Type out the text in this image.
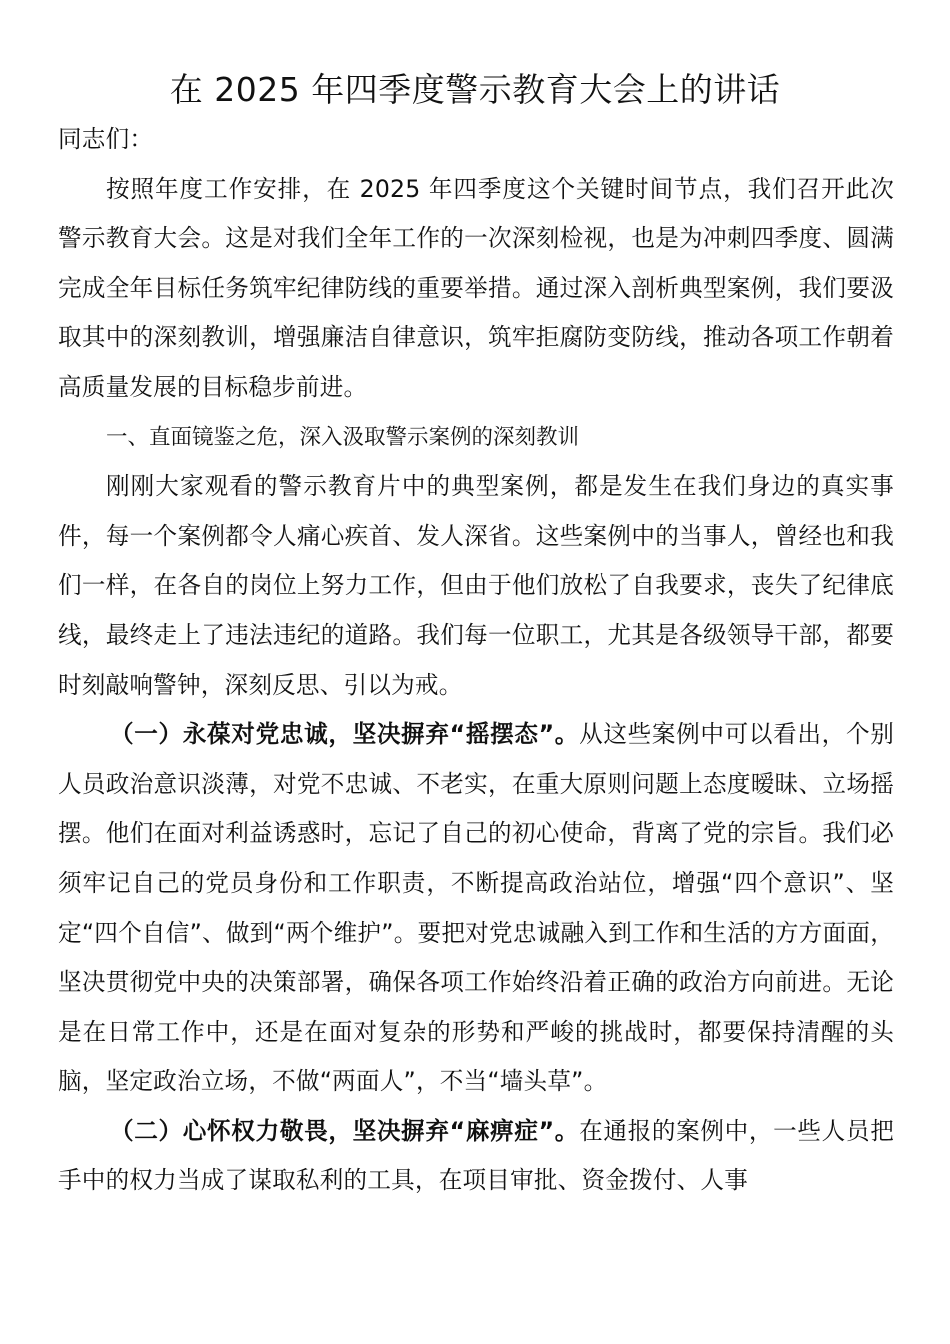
在 2025 年四季度警示教育大会上的讲话

同志们：

按照年度工作安排，在 2025 年四季度这个关键时间节点，我们召开此次警示教育大会。这是对我们全年工作的一次深刻检视，也是为冲刺四季度、圆满完成全年目标任务筑牢纪律防线的重要举措。通过深入剖析典型案例，我们要汲取其中的深刻教训，增强廉洁自律意识，筑牢拒腐防变防线，推动各项工作朝着高质量发展的目标稳步前进。

一、直面镜鉴之危，深入汲取警示案例的深刻教训

刚刚大家观看的警示教育片中的典型案例，都是发生在我们身边的真实事件，每一个案例都令人痛心疾首、发人深省。这些案例中的当事人，曾经也和我们一样，在各自的岗位上努力工作，但由于他们放松了自我要求，丧失了纪律底线，最终走上了违法违纪的道路。我们每一位职工，尤其是各级领导干部，都要时刻敲响警钟，深刻反思、引以为戒。

（一）永葆对党忠诚，坚决摒弃“摇摆态”。从这些案例中可以看出，个别人员政治意识淡薄，对党不忠诚、不老实，在重大原则问题上态度暧昧、立场摇摆。他们在面对利益诱惑时，忘记了自己的初心使命，背离了党的宗旨。我们必须牢记自己的党员身份和工作职责，不断提高政治站位，增强“四个意识”、坚定“四个自信”、做到“两个维护”。要把对党忠诚融入到工作和生活的方方面面，坚决贯彻党中央的决策部署，确保各项工作始终沿着正确的政治方向前进。无论是在日常工作中，还是在面对复杂的形势和严峻的挑战时，都要保持清醒的头脑，坚定政治立场，不做“两面人”，不当“墙头草”。

（二）心怀权力敬畏，坚决摒弃“麻痹症”。在通报的案例中，一些人员把手中的权力当成了谋取私利的工具，在项目审批、资金拨付、人事
